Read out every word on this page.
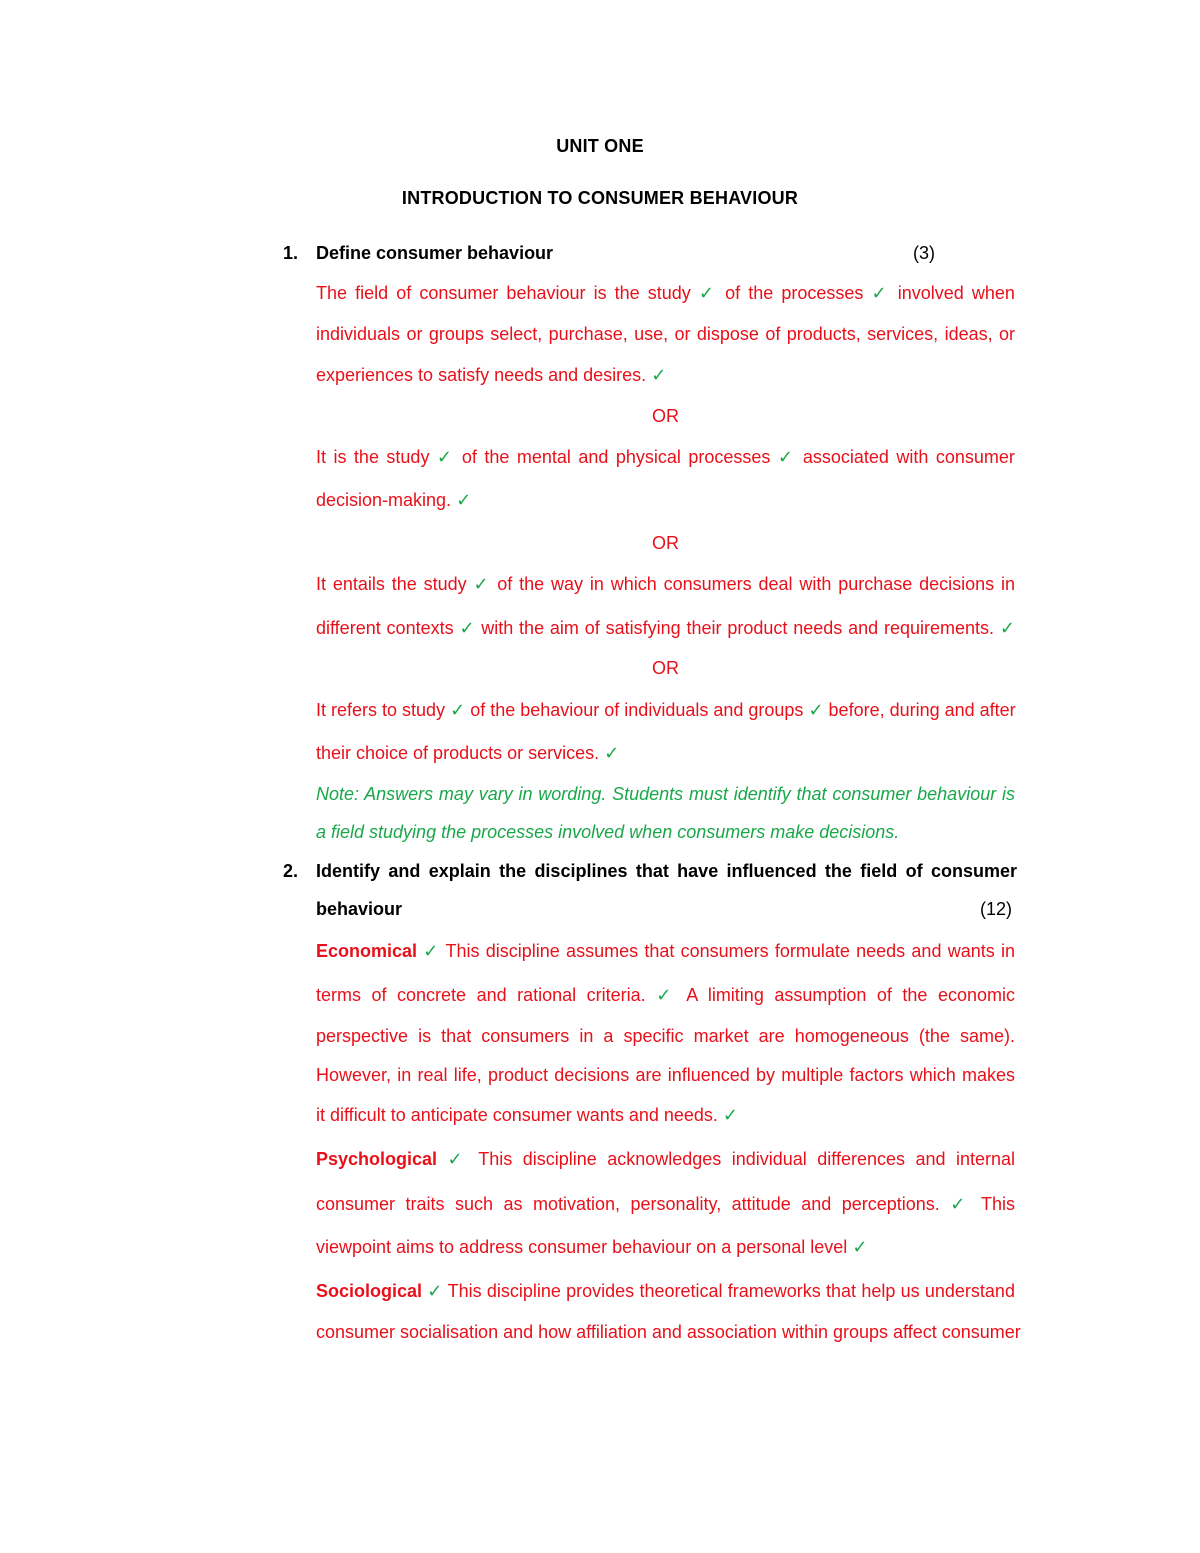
UNIT ONE
INTRODUCTION TO CONSUMER BEHAVIOUR
1. Define consumer behaviour	(3)
The field of consumer behaviour is the study ✓ of the processes ✓ involved when
individuals or groups select, purchase, use, or dispose of products, services, ideas, or
experiences to satisfy needs and desires. ✓
OR
It is the study ✓ of the mental and physical processes ✓ associated with consumer
decision-making. ✓
OR
It entails the study ✓ of the way in which consumers deal with purchase decisions in
different contexts ✓ with the aim of satisfying their product needs and requirements. ✓
OR
It refers to study ✓ of the behaviour of individuals and groups ✓ before, during and after
their choice of products or services. ✓
Note: Answers may vary in wording. Students must identify that consumer behaviour is
a field studying the processes involved when consumers make decisions.
2. Identify and explain the disciplines that have influenced the field of consumer
behaviour	(12)
Economical ✓ This discipline assumes that consumers formulate needs and wants in
terms of concrete and rational criteria. ✓ A limiting assumption of the economic
perspective is that consumers in a specific market are homogeneous (the same).
However, in real life, product decisions are influenced by multiple factors which makes
it difficult to anticipate consumer wants and needs. ✓
Psychological ✓ This discipline acknowledges individual differences and internal
consumer traits such as motivation, personality, attitude and perceptions. ✓ This
viewpoint aims to address consumer behaviour on a personal level ✓
Sociological ✓ This discipline provides theoretical frameworks that help us understand
consumer socialisation and how affiliation and association within groups affect consumer
